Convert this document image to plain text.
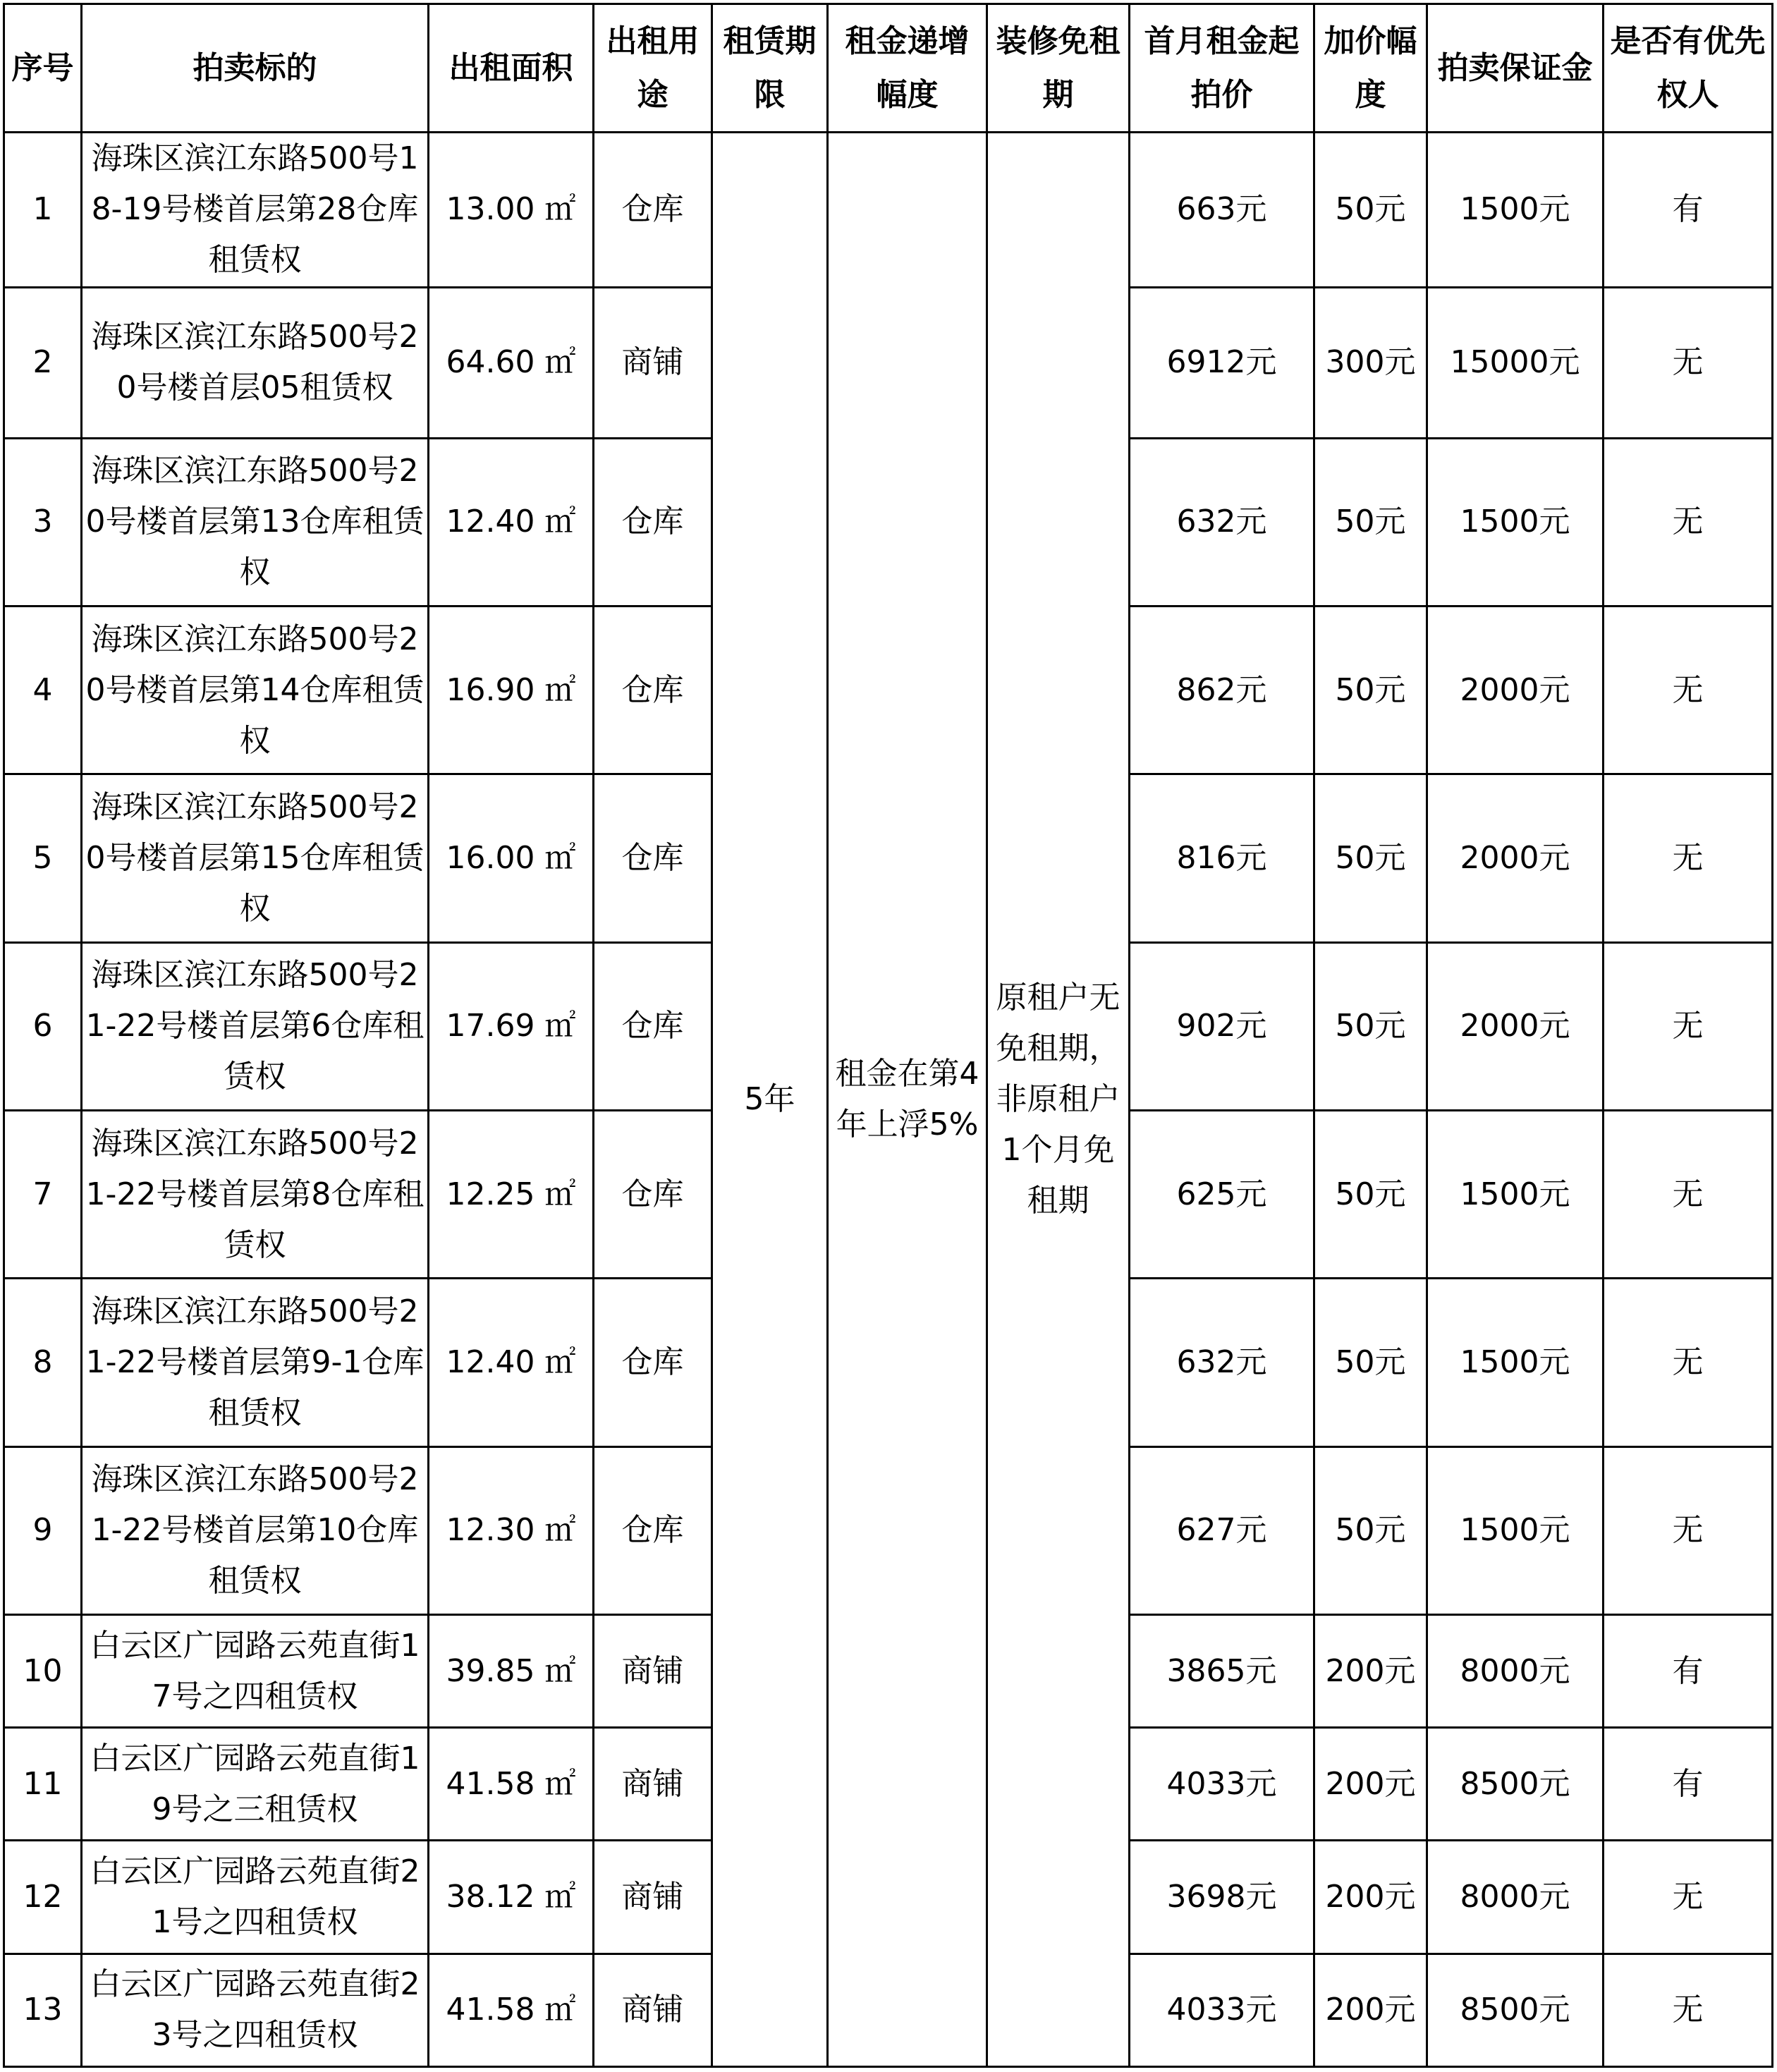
序号	拍卖标的	出租面积	出租用途	租赁期限	租金递增幅度	装修免租期	首月租金起拍价	加价幅度	拍卖保证金	是否有优先权人
1	海珠区滨江东路500号18-19号楼首层第28仓库租赁权	13.00 ㎡	仓库	5年	租金在第4年上浮5%	原租户无免租期，非原租户1个月免租期	663元	50元	1500元	有
2	海珠区滨江东路500号20号楼首层05租赁权	64.60 ㎡	商铺				6912元	300元	15000元	无
3	海珠区滨江东路500号20号楼首层第13仓库租赁权	12.40 ㎡	仓库				632元	50元	1500元	无
4	海珠区滨江东路500号20号楼首层第14仓库租赁权	16.90 ㎡	仓库				862元	50元	2000元	无
5	海珠区滨江东路500号20号楼首层第15仓库租赁权	16.00 ㎡	仓库				816元	50元	2000元	无
6	海珠区滨江东路500号21-22号楼首层第6仓库租赁权	17.69 ㎡	仓库				902元	50元	2000元	无
7	海珠区滨江东路500号21-22号楼首层第8仓库租赁权	12.25 ㎡	仓库				625元	50元	1500元	无
8	海珠区滨江东路500号21-22号楼首层第9-1仓库租赁权	12.40 ㎡	仓库				632元	50元	1500元	无
9	海珠区滨江东路500号21-22号楼首层第10仓库租赁权	12.30 ㎡	仓库				627元	50元	1500元	无
10	白云区广园路云苑直街17号之四租赁权	39.85 ㎡	商铺				3865元	200元	8000元	有
11	白云区广园路云苑直街19号之三租赁权	41.58 ㎡	商铺				4033元	200元	8500元	有
12	白云区广园路云苑直街21号之四租赁权	38.12 ㎡	商铺				3698元	200元	8000元	无
13	白云区广园路云苑直街23号之四租赁权	41.58 ㎡	商铺				4033元	200元	8500元	无
